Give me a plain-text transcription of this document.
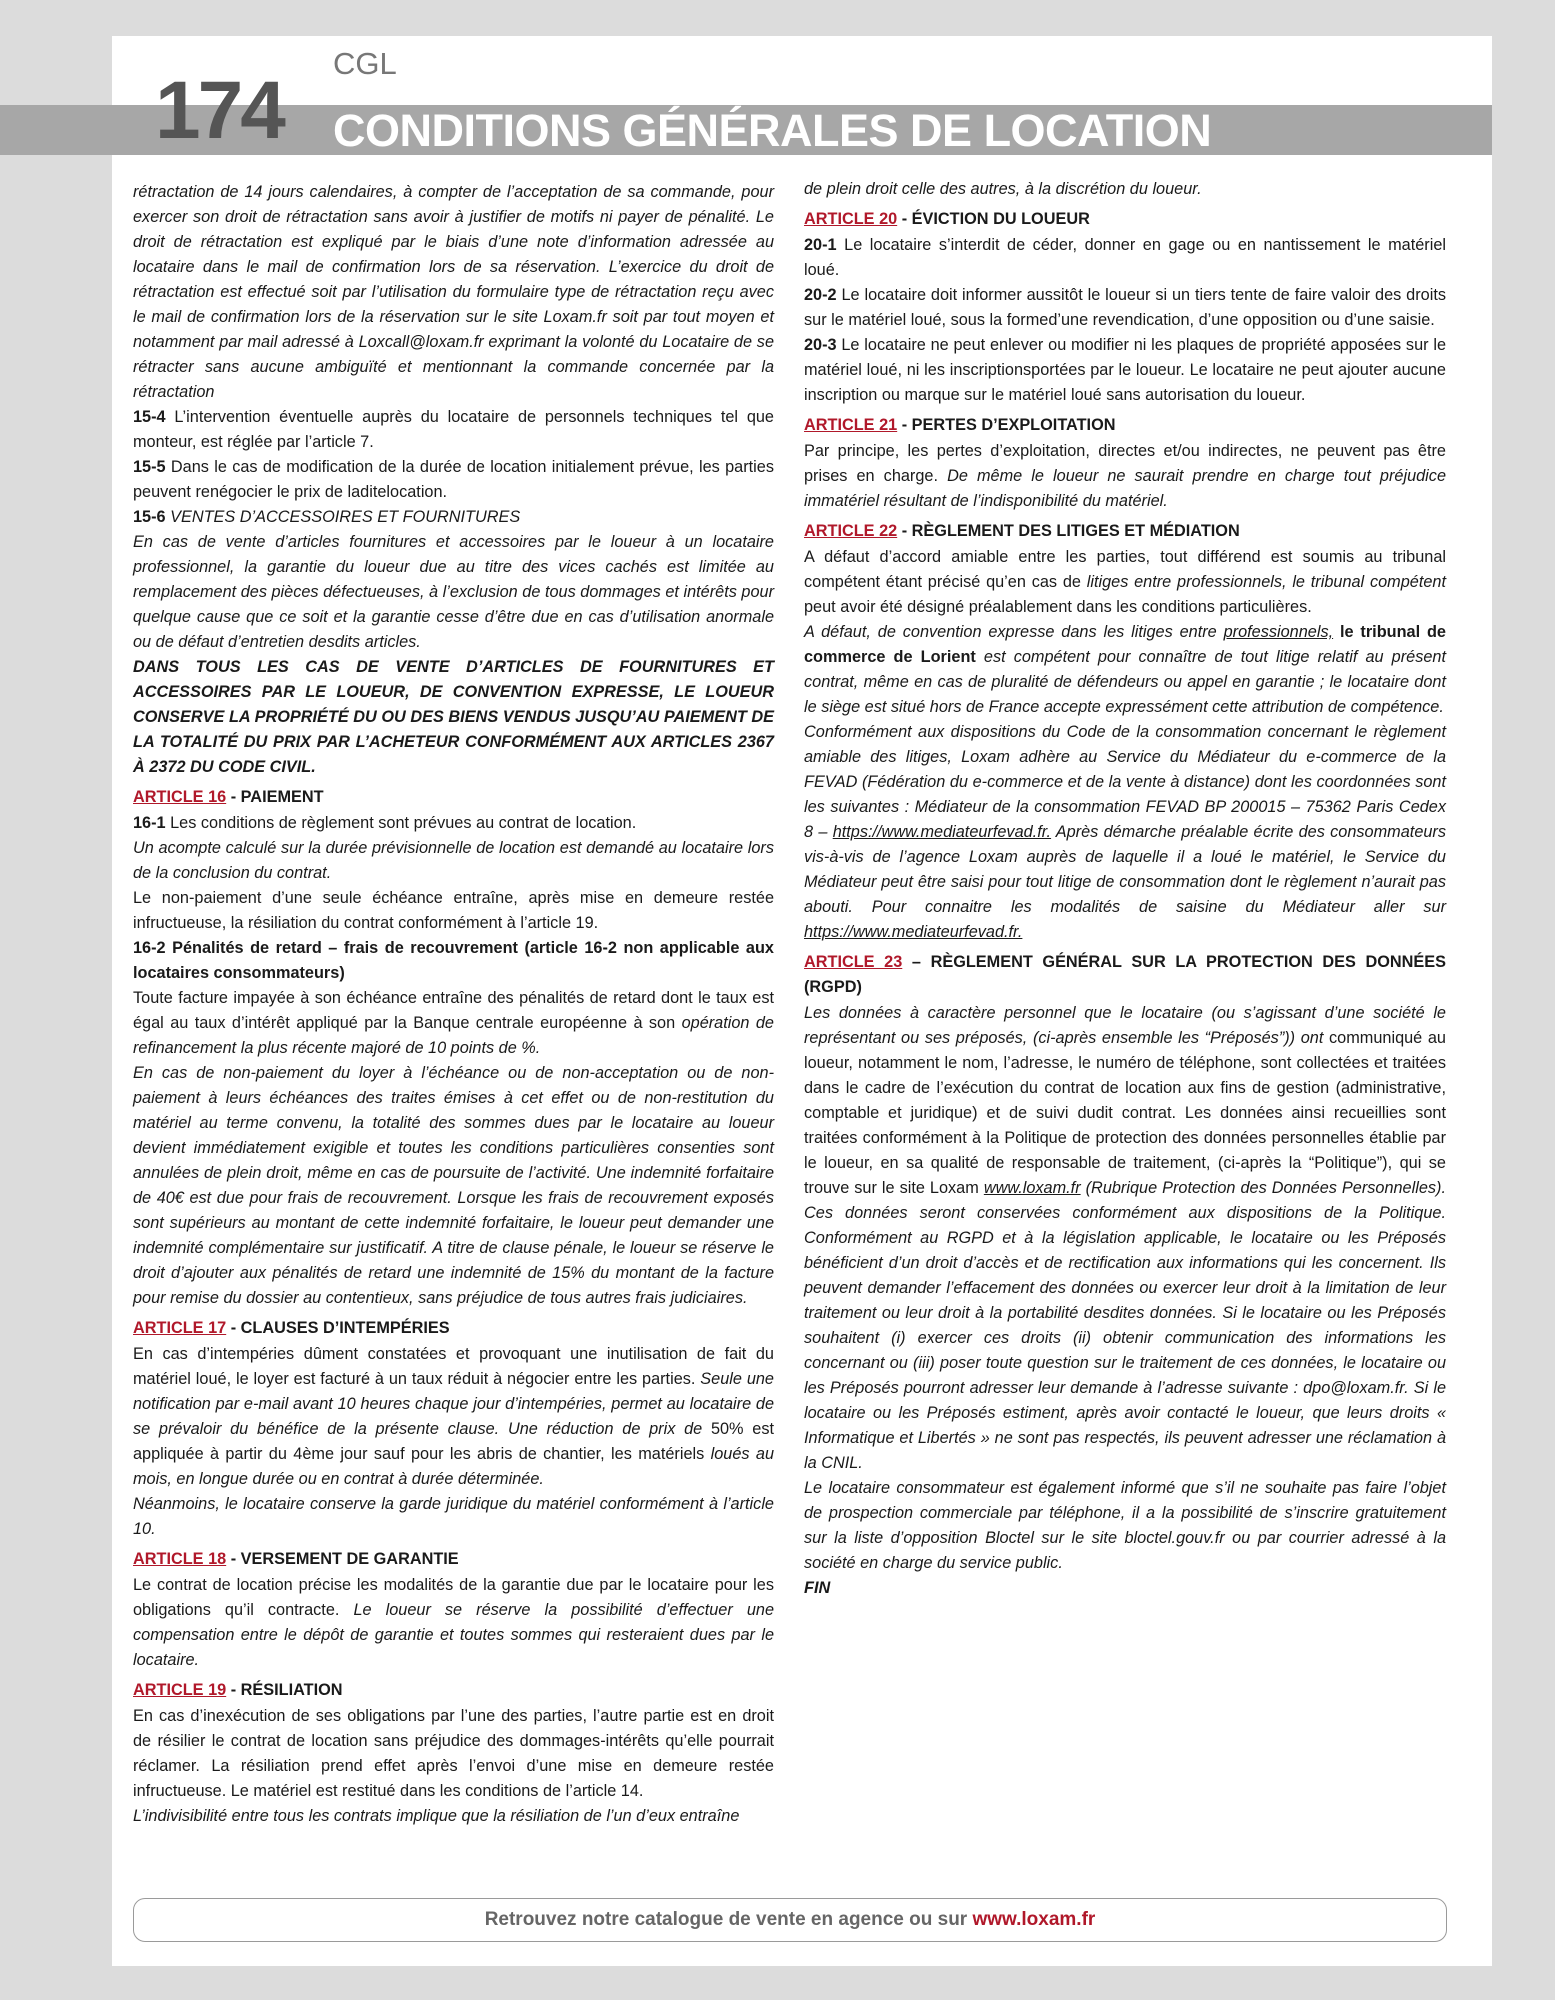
174
CGL
CONDITIONS GÉNÉRALES DE LOCATION

rétractation de 14 jours calendaires, à compter de l’acceptation de sa commande, pour exercer son droit de rétractation sans avoir à justifier de motifs ni payer de pénalité. Le droit de rétractation est expliqué par le biais d’une note d’information adressée au locataire dans le mail de confirmation lors de sa réservation. L’exercice du droit de rétractation est effectué soit par l’utilisation du formulaire type de rétractation reçu avec le mail de confirmation lors de la réservation sur le site Loxam.fr soit par tout moyen et notamment par mail adressé à Loxcall@loxam.fr exprimant la volonté du Locataire de se rétracter sans aucune ambiguïté et mentionnant la commande concernée par la rétractation

15-4 L’intervention éventuelle auprès du locataire de personnels techniques tel que monteur, est réglée par l’article 7.

15-5 Dans le cas de modification de la durée de location initialement prévue, les parties peuvent renégocier le prix de laditelocation.

15-6 VENTES D’ACCESSOIRES ET FOURNITURES

En cas de vente d’articles fournitures et accessoires par le loueur à un locataire professionnel, la garantie du loueur due au titre des vices cachés est limitée au remplacement des pièces défectueuses, à l’exclusion de tous dommages et intérêts pour quelque cause que ce soit et la garantie cesse d’être due en cas d’utilisation anormale ou de défaut d’entretien desdits articles.

DANS TOUS LES CAS DE VENTE D’ARTICLES DE FOURNITURES ET ACCESSOIRES PAR LE LOUEUR, DE CONVENTION EXPRESSE, LE LOUEUR CONSERVE LA PROPRIÉTÉ DU OU DES BIENS VENDUS JUSQU’AU PAIEMENT DE LA TOTALITÉ DU PRIX PAR L’ACHETEUR CONFORMÉMENT AUX ARTICLES 2367 À 2372 DU CODE CIVIL.

ARTICLE 16 - PAIEMENT

16-1 Les conditions de règlement sont prévues au contrat de location.

Un acompte calculé sur la durée prévisionnelle de location est demandé au locataire lors de la conclusion du contrat.

Le non-paiement d’une seule échéance entraîne, après mise en demeure restée infructueuse, la résiliation du contrat conformément à l’article 19.

16-2 Pénalités de retard – frais de recouvrement (article 16-2 non applicable aux locataires consommateurs)

Toute facture impayée à son échéance entraîne des pénalités de retard dont le taux est égal au taux d’intérêt appliqué par la Banque centrale européenne à son opération de refinancement la plus récente majoré de 10 points de %.

En cas de non-paiement du loyer à l’échéance ou de non-acceptation ou de non-paiement à leurs échéances des traites émises à cet effet ou de non-restitution du matériel au terme convenu, la totalité des sommes dues par le locataire au loueur devient immédiatement exigible et toutes les conditions particulières consenties sont annulées de plein droit, même en cas de poursuite de l’activité. Une indemnité forfaitaire de 40€ est due pour frais de recouvrement. Lorsque les frais de recouvrement exposés sont supérieurs au montant de cette indemnité forfaitaire, le loueur peut demander une indemnité complémentaire sur justificatif. A titre de clause pénale, le loueur se réserve le droit d’ajouter aux pénalités de retard une indemnité de 15% du montant de la facture pour remise du dossier au contentieux, sans préjudice de tous autres frais judiciaires.

ARTICLE 17 - CLAUSES D’INTEMPÉRIES

En cas d’intempéries dûment constatées et provoquant une inutilisation de fait du matériel loué, le loyer est facturé à un taux réduit à négocier entre les parties. Seule une notification par e-mail avant 10 heures chaque jour d’intempéries, permet au locataire de se prévaloir du bénéfice de la présente clause. Une réduction de prix de 50% est appliquée à partir du 4ème jour sauf pour les abris de chantier, les matériels loués au mois, en longue durée ou en contrat à durée déterminée.

Néanmoins, le locataire conserve la garde juridique du matériel conformément à l’article 10.

ARTICLE 18 - VERSEMENT DE GARANTIE

Le contrat de location précise les modalités de la garantie due par le locataire pour les obligations qu’il contracte. Le loueur se réserve la possibilité d’effectuer une compensation entre le dépôt de garantie et toutes sommes qui resteraient dues par le locataire.

ARTICLE 19 - RÉSILIATION

En cas d’inexécution de ses obligations par l’une des parties, l’autre partie est en droit de résilier le contrat de location sans préjudice des dommages-intérêts qu’elle pourrait réclamer. La résiliation prend effet après l’envoi d’une mise en demeure restée infructueuse. Le matériel est restitué dans les conditions de l’article 14.

L’indivisibilité entre tous les contrats implique que la résiliation de l’un d’eux entraîne

de plein droit celle des autres, à la discrétion du loueur.

ARTICLE 20 - ÉVICTION DU LOUEUR

20-1 Le locataire s’interdit de céder, donner en gage ou en nantissement le matériel loué.

20-2 Le locataire doit informer aussitôt le loueur si un tiers tente de faire valoir des droits sur le matériel loué, sous la formed’une revendication, d’une opposition ou d’une saisie.

20-3 Le locataire ne peut enlever ou modifier ni les plaques de propriété apposées sur le matériel loué, ni les inscriptionsportées par le loueur. Le locataire ne peut ajouter aucune inscription ou marque sur le matériel loué sans autorisation du loueur.

ARTICLE 21 - PERTES D’EXPLOITATION

Par principe, les pertes d’exploitation, directes et/ou indirectes, ne peuvent pas être prises en charge. De même le loueur ne saurait prendre en charge tout préjudice immatériel résultant de l’indisponibilité du matériel.

ARTICLE 22 - RÈGLEMENT DES LITIGES ET MÉDIATION

A défaut d’accord amiable entre les parties, tout différend est soumis au tribunal compétent étant précisé qu’en cas de litiges entre professionnels, le tribunal compétent peut avoir été désigné préalablement dans les conditions particulières.

A défaut, de convention expresse dans les litiges entre professionnels, le tribunal de commerce de Lorient est compétent pour connaître de tout litige relatif au présent contrat, même en cas de pluralité de défendeurs ou appel en garantie ; le locataire dont le siège est situé hors de France accepte expressément cette attribution de compétence.

Conformément aux dispositions du Code de la consommation concernant le règlement amiable des litiges, Loxam adhère au Service du Médiateur du e-commerce de la FEVAD (Fédération du e-commerce et de la vente à distance) dont les coordonnées sont les suivantes : Médiateur de la consommation FEVAD BP 200015 – 75362 Paris Cedex 8 – https://www.mediateurfevad.fr. Après démarche préalable écrite des consommateurs vis-à-vis de l’agence Loxam auprès de laquelle il a loué le matériel, le Service du Médiateur peut être saisi pour tout litige de consommation dont le règlement n’aurait pas abouti. Pour connaitre les modalités de saisine du Médiateur aller sur https://www.mediateurfevad.fr.

ARTICLE 23 – RÈGLEMENT GÉNÉRAL SUR LA PROTECTION DES DONNÉES (RGPD)

Les données à caractère personnel que le locataire (ou s’agissant d’une société le représentant ou ses préposés, (ci-après ensemble les “Préposés”)) ont communiqué au loueur, notamment le nom, l’adresse, le numéro de téléphone, sont collectées et traitées dans le cadre de l’exécution du contrat de location aux fins de gestion (administrative, comptable et juridique) et de suivi dudit contrat. Les données ainsi recueillies sont traitées conformément à la Politique de protection des données personnelles établie par le loueur, en sa qualité de responsable de traitement, (ci-après la “Politique”), qui se trouve sur le site Loxam www.loxam.fr (Rubrique Protection des Données Personnelles). Ces données seront conservées conformément aux dispositions de la Politique. Conformément au RGPD et à la législation applicable, le locataire ou les Préposés bénéficient d’un droit d’accès et de rectification aux informations qui les concernent. Ils peuvent demander l’effacement des données ou exercer leur droit à la limitation de leur traitement ou leur droit à la portabilité desdites données. Si le locataire ou les Préposés souhaitent (i) exercer ces droits (ii) obtenir communication des informations les concernant ou (iii) poser toute question sur le traitement de ces données, le locataire ou les Préposés pourront adresser leur demande à l’adresse suivante : dpo@loxam.fr. Si le locataire ou les Préposés estiment, après avoir contacté le loueur, que leurs droits « Informatique et Libertés » ne sont pas respectés, ils peuvent adresser une réclamation à la CNIL.

Le locataire consommateur est également informé que s’il ne souhaite pas faire l’objet de prospection commerciale par téléphone, il a la possibilité de s’inscrire gratuitement sur la liste d’opposition Bloctel sur le site bloctel.gouv.fr ou par courrier adressé à la société en charge du service public.

FIN

Retrouvez notre catalogue de vente en agence ou sur www.loxam.fr
